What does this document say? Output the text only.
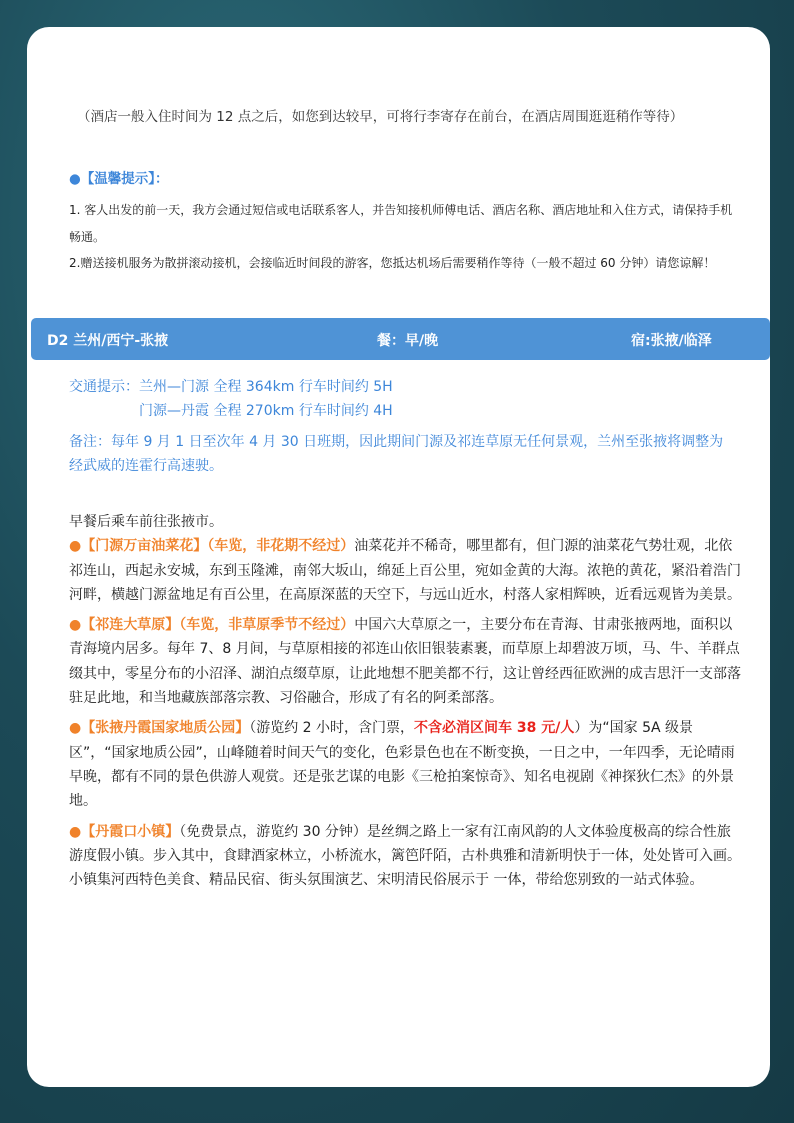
（酒店一般入住时间为 12 点之后，如您到达较早，可将行李寄存在前台，在酒店周围逛逛稍作等待）

●【温馨提示】：

1. 客人出发的前一天，我方会通过短信或电话联系客人，并告知接机师傅电话、酒店名称、酒店地址和入住方式，请保持手机畅通。
2.赠送接机服务为散拼滚动接机，会接临近时间段的游客，您抵达机场后需要稍作等待（一般不超过 60 分钟）请您谅解！
D2 兰州/西宁-张掖	餐：早/晚	宿:张掖/临泽
交通提示：兰州—门源 全程 364km 行车时间约 5H
门源—丹霞 全程 270km 行车时间约 4H

备注：每年 9 月 1 日至次年 4 月 30 日班期，因此期间门源及祁连草原无任何景观，兰州至张掖将调整为经武威的连霍行高速驶。

早餐后乘车前往张掖市。

●【门源万亩油菜花】（车览，非花期不经过）油菜花并不稀奇，哪里都有，但门源的油菜花气势壮观，北依祁连山，西起永安城，东到玉隆滩，南邻大坂山，绵延上百公里，宛如金黄的大海。浓艳的黄花，紧沿着浩门河畔，横越门源盆地足有百公里，在高原深蓝的天空下，与远山近水，村落人家相辉映，近看远观皆为美景。

●【祁连大草原】（车览，非草原季节不经过）中国六大草原之一，主要分布在青海、甘肃张掖两地，面积以青海境内居多。每年 7、8 月间，与草原相接的祁连山依旧银装素裹，而草原上却碧波万顷，马、牛、羊群点缀其中，零星分布的小沼泽、湖泊点缀草原，让此地想不肥美都不行，这让曾经西征欧洲的成吉思汗一支部落驻足此地，和当地藏族部落宗教、习俗融合，形成了有名的阿柔部落。

●【张掖丹霞国家地质公园】（游览约 2 小时，含门票，不含必消区间车 38 元/人）为“国家 5A 级景区”，“国家地质公园”，山峰随着时间天气的变化，色彩景色也在不断变换，一日之中，一年四季，无论晴雨早晚，都有不同的景色供游人观赏。还是张艺谋的电影《三枪拍案惊奇》、知名电视剧《神探狄仁杰》的外景地。

●【丹霞口小镇】（免费景点，游览约 30 分钟）是丝绸之路上一家有江南风韵的人文体验度极高的综合性旅游度假小镇。步入其中，食肆酒家林立，小桥流水，篱笆阡陌，古朴典雅和清新明快于一体，处处皆可入画。小镇集河西特色美食、精品民宿、街头氛围演艺、宋明清民俗展示于 一体，带给您别致的一站式体验。
